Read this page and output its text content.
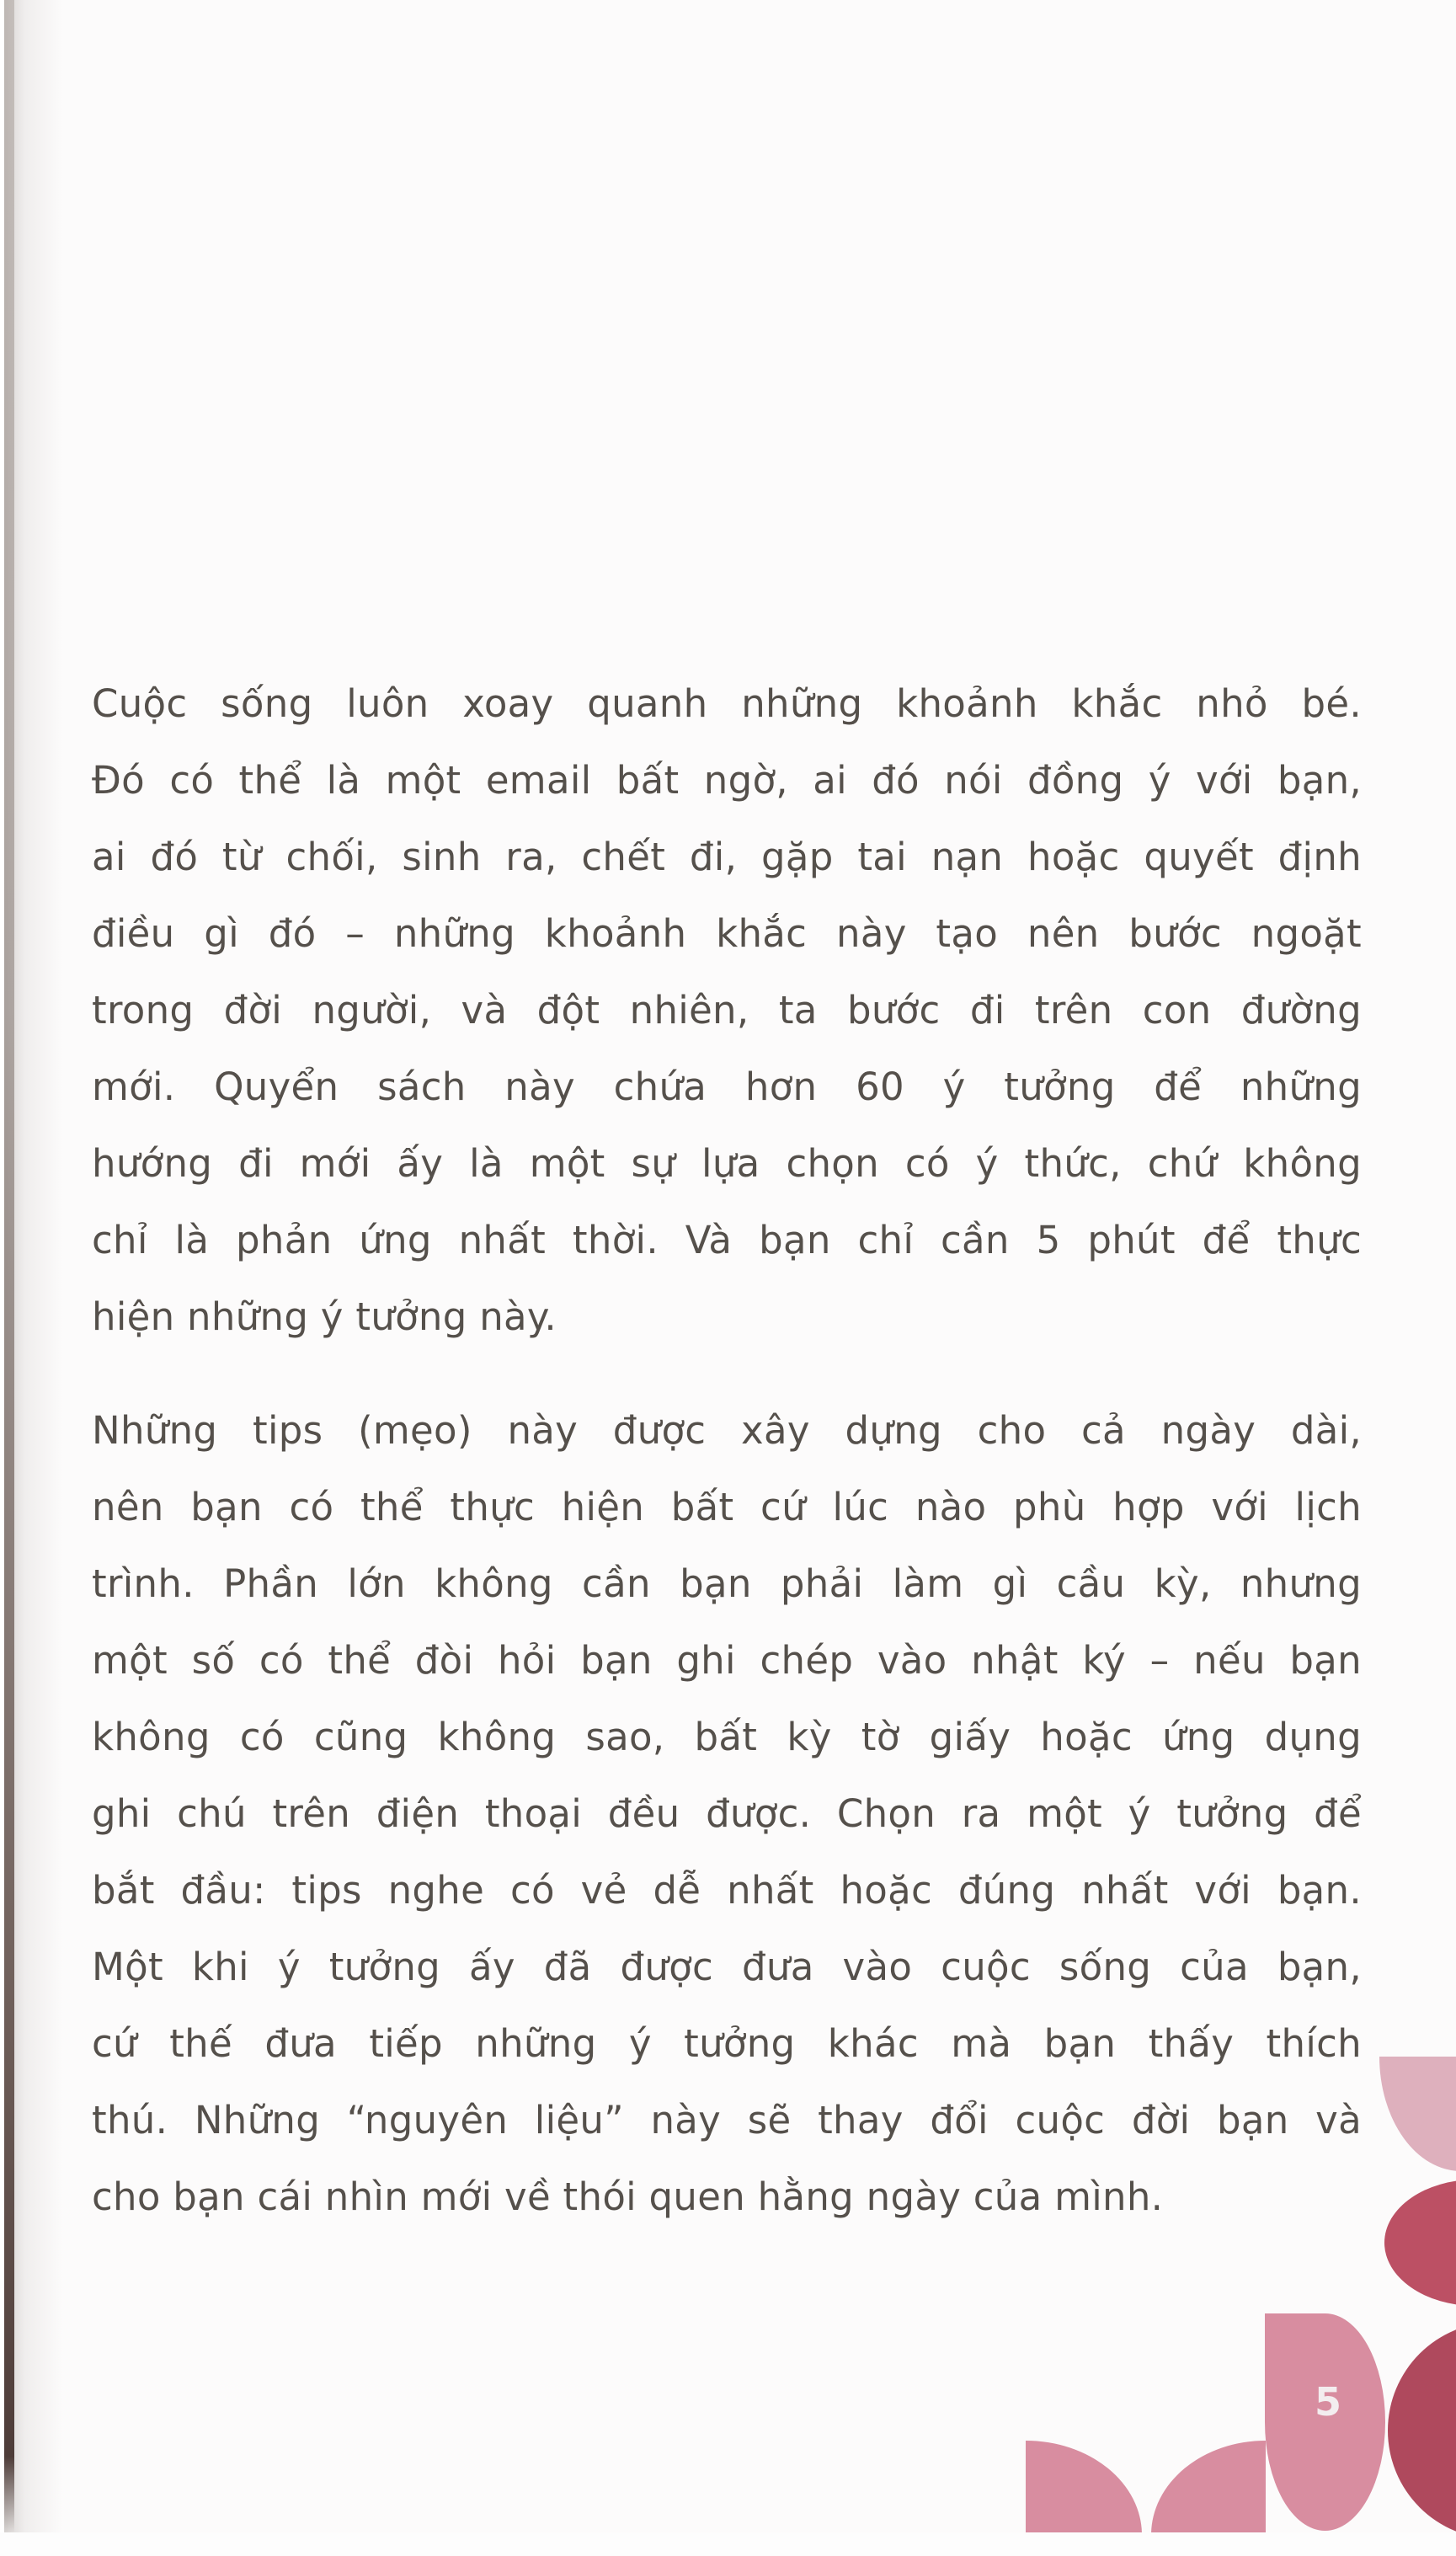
Cuộc sống luôn xoay quanh những khoảnh khắc nhỏ bé.
Đó có thể là một email bất ngờ, ai đó nói đồng ý với bạn,
ai đó từ chối, sinh ra, chết đi, gặp tai nạn hoặc quyết định
điều gì đó – những khoảnh khắc này tạo nên bước ngoặt
trong đời người, và đột nhiên, ta bước đi trên con đường
mới. Quyển sách này chứa hơn 60 ý tưởng để những
hướng đi mới ấy là một sự lựa chọn có ý thức, chứ không
chỉ là phản ứng nhất thời. Và bạn chỉ cần 5 phút để thực
hiện những ý tưởng này.
Những tips (mẹo) này được xây dựng cho cả ngày dài,
nên bạn có thể thực hiện bất cứ lúc nào phù hợp với lịch
trình. Phần lớn không cần bạn phải làm gì cầu kỳ, nhưng
một số có thể đòi hỏi bạn ghi chép vào nhật ký – nếu bạn
không có cũng không sao, bất kỳ tờ giấy hoặc ứng dụng
ghi chú trên điện thoại đều được. Chọn ra một ý tưởng để
bắt đầu: tips nghe có vẻ dễ nhất hoặc đúng nhất với bạn.
Một khi ý tưởng ấy đã được đưa vào cuộc sống của bạn,
cứ thế đưa tiếp những ý tưởng khác mà bạn thấy thích
thú. Những “nguyên liệu” này sẽ thay đổi cuộc đời bạn và
cho bạn cái nhìn mới về thói quen hằng ngày của mình.
5
